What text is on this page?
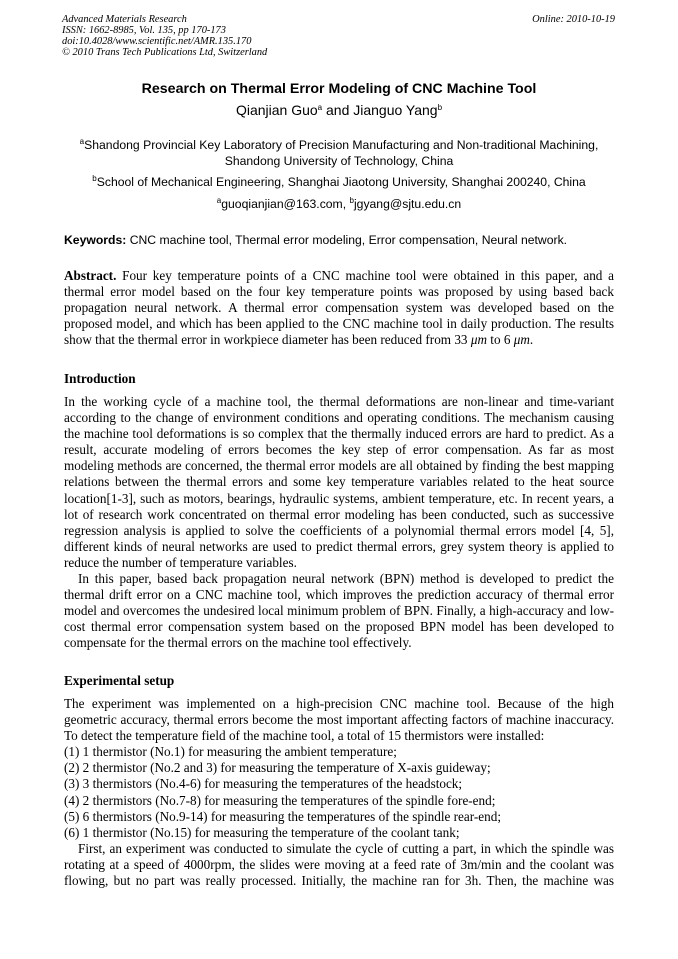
Advanced Materials Research
ISSN: 1662-8985, Vol. 135, pp 170-173
doi:10.4028/www.scientific.net/AMR.135.170
© 2010 Trans Tech Publications Ltd, Switzerland
Online: 2010-10-19
Research on Thermal Error Modeling of CNC Machine Tool
Qianjian Guo$^a$ and Jianguo Yang$^b$
$^a$Shandong Provincial Key Laboratory of Precision Manufacturing and Non-traditional Machining,
Shandong University of Technology, China
$^b$School of Mechanical Engineering, Shanghai Jiaotong University, Shanghai 200240, China
$^a$guoqianjian@163.com, $^b$jgyang@sjtu.edu.cn
Keywords: CNC machine tool, Thermal error modeling, Error compensation, Neural network.

Abstract. Four key temperature points of a CNC machine tool were obtained in this paper, and a thermal error model based on the four key temperature points was proposed by using based back propagation neural network. A thermal error compensation system was developed based on the proposed model, and which has been applied to the CNC machine tool in daily production. The results show that the thermal error in workpiece diameter has been reduced from 33 μm to 6 μm.

Introduction

In the working cycle of a machine tool, the thermal deformations are non-linear and time-variant according to the change of environment conditions and operating conditions. The mechanism causing the machine tool deformations is so complex that the thermally induced errors are hard to predict. As a result, accurate modeling of errors becomes the key step of error compensation. As far as most modeling methods are concerned, the thermal error models are all obtained by finding the best mapping relations between the thermal errors and some key temperature variables related to the heat source location[1-3], such as motors, bearings, hydraulic systems, ambient temperature, etc. In recent years, a lot of research work concentrated on thermal error modeling has been conducted, such as successive regression analysis is applied to solve the coefficients of a polynomial thermal errors model [4, 5], different kinds of neural networks are used to predict thermal errors, grey system theory is applied to reduce the number of temperature variables.

In this paper, based back propagation neural network (BPN) method is developed to predict the thermal drift error on a CNC machine tool, which improves the prediction accuracy of thermal error model and overcomes the undesired local minimum problem of BPN. Finally, a high-accuracy and low-cost thermal error compensation system based on the proposed BPN model has been developed to compensate for the thermal errors on the machine tool effectively.

Experimental setup

The experiment was implemented on a high-precision CNC machine tool. Because of the high geometric accuracy, thermal errors become the most important affecting factors of machine inaccuracy. To detect the temperature field of the machine tool, a total of 15 thermistors were installed:

(1) 1 thermistor (No.1) for measuring the ambient temperature;
(2) 2 thermistor (No.2 and 3) for measuring the temperature of X-axis guideway;
(3) 3 thermistors (No.4-6) for measuring the temperatures of the headstock;
(4) 2 thermistors (No.7-8) for measuring the temperatures of the spindle fore-end;
(5) 6 thermistors (No.9-14) for measuring the temperatures of the spindle rear-end;
(6) 1 thermistor (No.15) for measuring the temperature of the coolant tank;

First, an experiment was conducted to simulate the cycle of cutting a part, in which the spindle was rotating at a speed of 4000rpm, the slides were moving at a feed rate of 3m/min and the coolant was flowing, but no part was really processed. Initially, the machine ran for 3h. Then, the machine was
